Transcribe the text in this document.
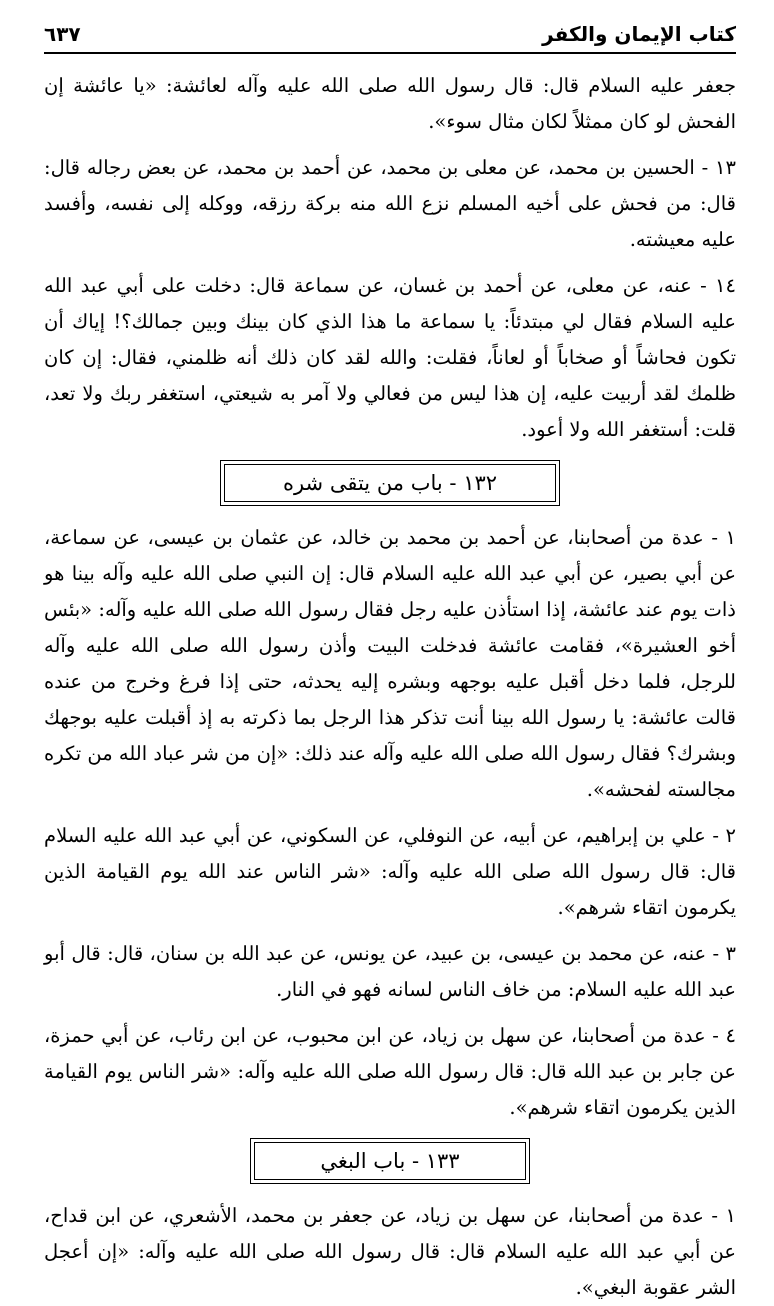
كتاب الإيمان والكفر
٦٣٧

جعفر عليه السلام قال: قال رسول الله صلى الله عليه وآله لعائشة: «يا عائشة إن الفحش لو كان ممثلاً لكان مثال سوء».

١٣ - الحسين بن محمد، عن معلى بن محمد، عن أحمد بن محمد، عن بعض رجاله قال: قال: من فحش على أخيه المسلم نزع الله منه بركة رزقه، ووكله إلى نفسه، وأفسد عليه معيشته.

١٤ - عنه، عن معلى، عن أحمد بن غسان، عن سماعة قال: دخلت على أبي عبد الله عليه السلام فقال لي مبتدئاً: يا سماعة ما هذا الذي كان بينك وبين جمالك؟! إياك أن تكون فحاشاً أو صخاباً أو لعاناً، فقلت: والله لقد كان ذلك أنه ظلمني، فقال: إن كان ظلمك لقد أربيت عليه، إن هذا ليس من فعالي ولا آمر به شيعتي، استغفر ربك ولا تعد، قلت: أستغفر الله ولا أعود.

١٣٢ - باب من يتقى شره

١ - عدة من أصحابنا، عن أحمد بن محمد بن خالد، عن عثمان بن عيسى، عن سماعة، عن أبي بصير، عن أبي عبد الله عليه السلام قال: إن النبي صلى الله عليه وآله بينا هو ذات يوم عند عائشة، إذا استأذن عليه رجل فقال رسول الله صلى الله عليه وآله: «بئس أخو العشيرة»، فقامت عائشة فدخلت البيت وأذن رسول الله صلى الله عليه وآله للرجل، فلما دخل أقبل عليه بوجهه وبشره إليه يحدثه، حتى إذا فرغ وخرج من عنده قالت عائشة: يا رسول الله بينا أنت تذكر هذا الرجل بما ذكرته به إذ أقبلت عليه بوجهك وبشرك؟ فقال رسول الله صلى الله عليه وآله عند ذلك: «إن من شر عباد الله من تكره مجالسته لفحشه».

٢ - علي بن إبراهيم، عن أبيه، عن النوفلي، عن السكوني، عن أبي عبد الله عليه السلام قال: قال رسول الله صلى الله عليه وآله: «شر الناس عند الله يوم القيامة الذين يكرمون اتقاء شرهم».

٣ - عنه، عن محمد بن عيسى، بن عبيد، عن يونس، عن عبد الله بن سنان، قال: قال أبو عبد الله عليه السلام: من خاف الناس لسانه فهو في النار.

٤ - عدة من أصحابنا، عن سهل بن زياد، عن ابن محبوب، عن ابن رئاب، عن أبي حمزة، عن جابر بن عبد الله قال: قال رسول الله صلى الله عليه وآله: «شر الناس يوم القيامة الذين يكرمون اتقاء شرهم».

١٣٣ - باب البغي

١ - عدة من أصحابنا، عن سهل بن زياد، عن جعفر بن محمد، الأشعري، عن ابن قداح، عن أبي عبد الله عليه السلام قال: قال رسول الله صلى الله عليه وآله: «إن أعجل الشر عقوبة البغي».
